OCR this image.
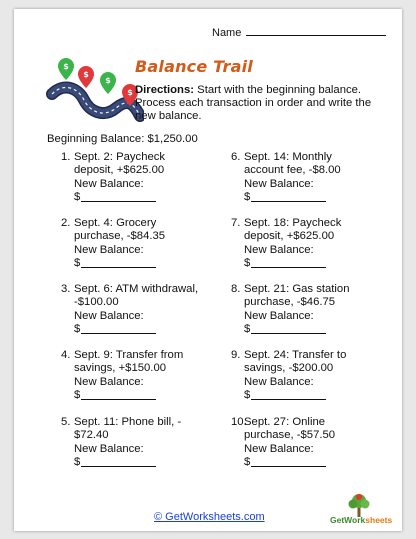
Name
$
$
$
$
Balance Trail
Directions: Start with the beginning balance. Process each transaction in order and write the new balance.
Beginning Balance: $1,250.00
1. Sept. 2: Paycheck
deposit, +$625.00
New Balance:
$
2. Sept. 4: Grocery
purchase, -$84.35
New Balance:
$
3. Sept. 6: ATM withdrawal,
-$100.00
New Balance:
$
4. Sept. 9: Transfer from
savings, +$150.00
New Balance:
$
5. Sept. 11: Phone bill, -
$72.40
New Balance:
$
6. Sept. 14: Monthly
account fee, -$8.00
New Balance:
$
7. Sept. 18: Paycheck
deposit, +$625.00
New Balance:
$
8. Sept. 21: Gas station
purchase, -$46.75
New Balance:
$
9. Sept. 24: Transfer to
savings, -$200.00
New Balance:
$
10.
Sept. 27: Online
purchase, -$57.50
New Balance:
$
© GetWorksheets.com	GetWorksheets
